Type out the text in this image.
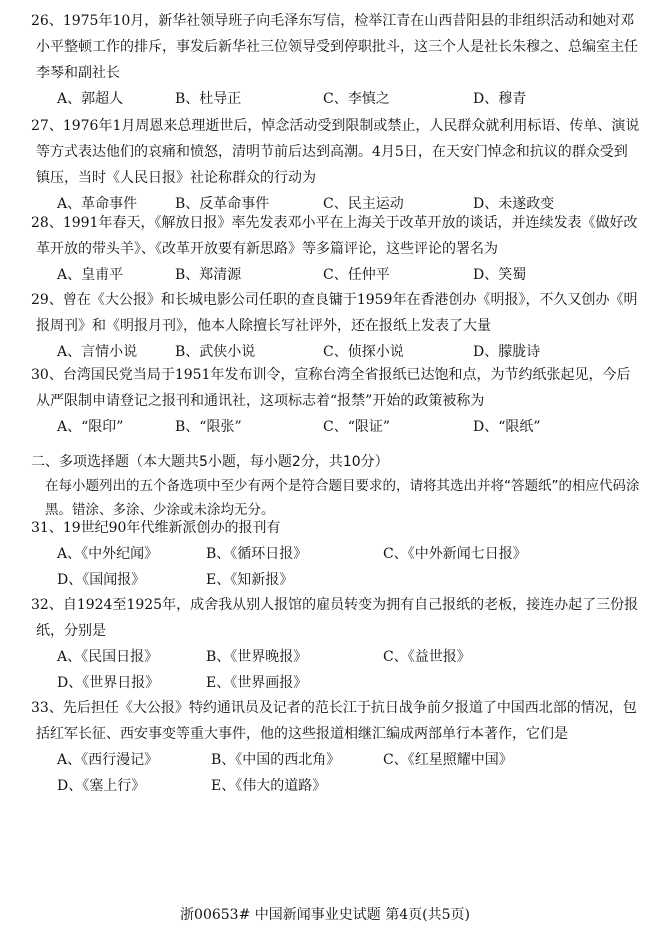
26、1975年10月，新华社领导班子向毛泽东写信，检举江青在山西昔阳县的非组织活动和她对邓小平整顿工作的排斥，事发后新华社三位领导受到停职批斗，这三个人是社长朱穆之、总编室主任李琴和副社长

A、郭超人	B、杜导正	C、李慎之	D、穆青

27、1976年1月周恩来总理逝世后，悼念活动受到限制或禁止，人民群众就利用标语、传单、演说等方式表达他们的哀痛和愤怒，清明节前后达到高潮。4月5日，在天安门悼念和抗议的群众受到镇压，当时《人民日报》社论称群众的行动为

A、革命事件	B、反革命事件	C、民主运动	D、未遂政变

28、1991年春天，《解放日报》率先发表邓小平在上海关于改革开放的谈话，并连续发表《做好改革开放的带头羊》、《改革开放要有新思路》等多篇评论，这些评论的署名为

A、皇甫平	B、郑清源	C、任仲平	D、笑蜀

29、曾在《大公报》和长城电影公司任职的查良镛于1959年在香港创办《明报》，不久又创办《明报周刊》和《明报月刊》，他本人除擅长写社评外，还在报纸上发表了大量

A、言情小说	B、武侠小说	C、侦探小说	D、朦胧诗

30、台湾国民党当局于1951年发布训令，宣称台湾全省报纸已达饱和点，为节约纸张起见，今后从严限制申请登记之报刊和通讯社，这项标志着“报禁”开始的政策被称为

A、“限印”	B、“限张”	C、“限证”	D、“限纸”
二、多项选择题（本大题共5小题，每小题2分，共10分）
在每小题列出的五个备选项中至少有两个是符合题目要求的，请将其选出并将“答题纸”的相应代码涂黑。错涂、多涂、少涂或未涂均无分。

31、19世纪90年代维新派创办的报刊有

A、《中外纪闻》	B、《循环日报》	C、《中外新闻七日报》
D、《国闻报》	E、《知新报》

32、自1924至1925年，成舍我从别人报馆的雇员转变为拥有自己报纸的老板，接连办起了三份报纸，分别是

A、《民国日报》	B、《世界晚报》	C、《益世报》
D、《世界日报》	E、《世界画报》

33、先后担任《大公报》特约通讯员及记者的范长江于抗日战争前夕报道了中国西北部的情况，包括红军长征、西安事变等重大事件，他的这些报道相继汇编成两部单行本著作，它们是

A、《西行漫记》	B、《中国的西北角》	C、《红星照耀中国》
D、《塞上行》	E、《伟大的道路》
浙00653# 中国新闻事业史试题 第4页(共5页)
